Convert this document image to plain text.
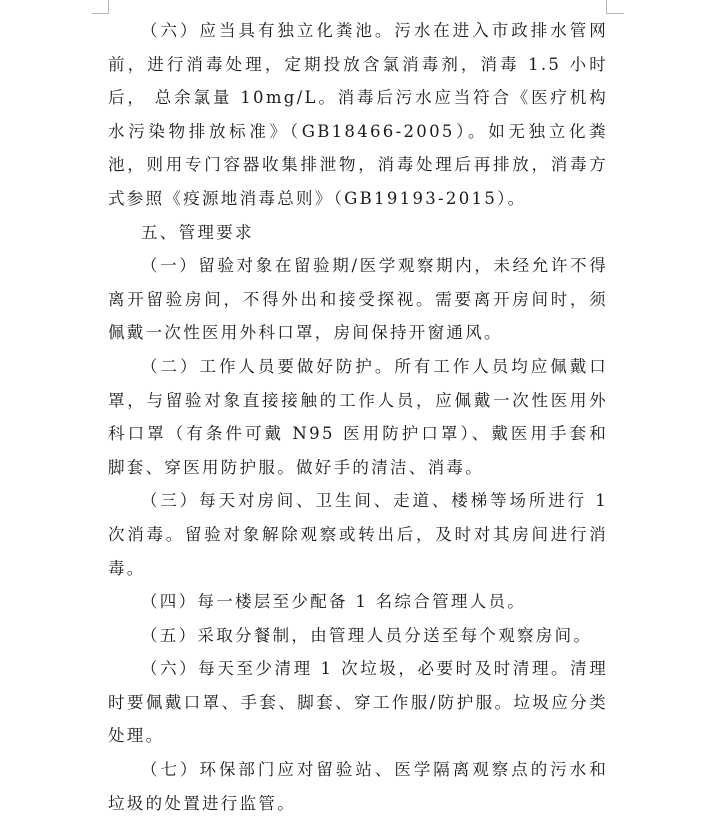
（六）应当具有独立化粪池。污水在进入市政排水管网前，进行消毒处理，定期投放含氯消毒剂，消毒 1.5 小时后， 总余氯量 10mg/L。消毒后污水应当符合《医疗机构水污染物排放标准》（GB18466-2005）。如无独立化粪池，则用专门容器收集排泄物，消毒处理后再排放，消毒方式参照《疫源地消毒总则》（GB19193-2015）。

五、管理要求

（一）留验对象在留验期/医学观察期内，未经允许不得离开留验房间，不得外出和接受探视。需要离开房间时，须佩戴一次性医用外科口罩，房间保持开窗通风。

（二）工作人员要做好防护。所有工作人员均应佩戴口罩，与留验对象直接接触的工作人员，应佩戴一次性医用外科口罩（有条件可戴 N95 医用防护口罩）、戴医用手套和脚套、穿医用防护服。做好手的清洁、消毒。

（三）每天对房间、卫生间、走道、楼梯等场所进行 1 次消毒。留验对象解除观察或转出后，及时对其房间进行消毒。

（四）每一楼层至少配备 1 名综合管理人员。

（五）采取分餐制，由管理人员分送至每个观察房间。

（六）每天至少清理 1 次垃圾，必要时及时清理。清理时要佩戴口罩、手套、脚套、穿工作服/防护服。垃圾应分类处理。

（七）环保部门应对留验站、医学隔离观察点的污水和垃圾的处置进行监管。
